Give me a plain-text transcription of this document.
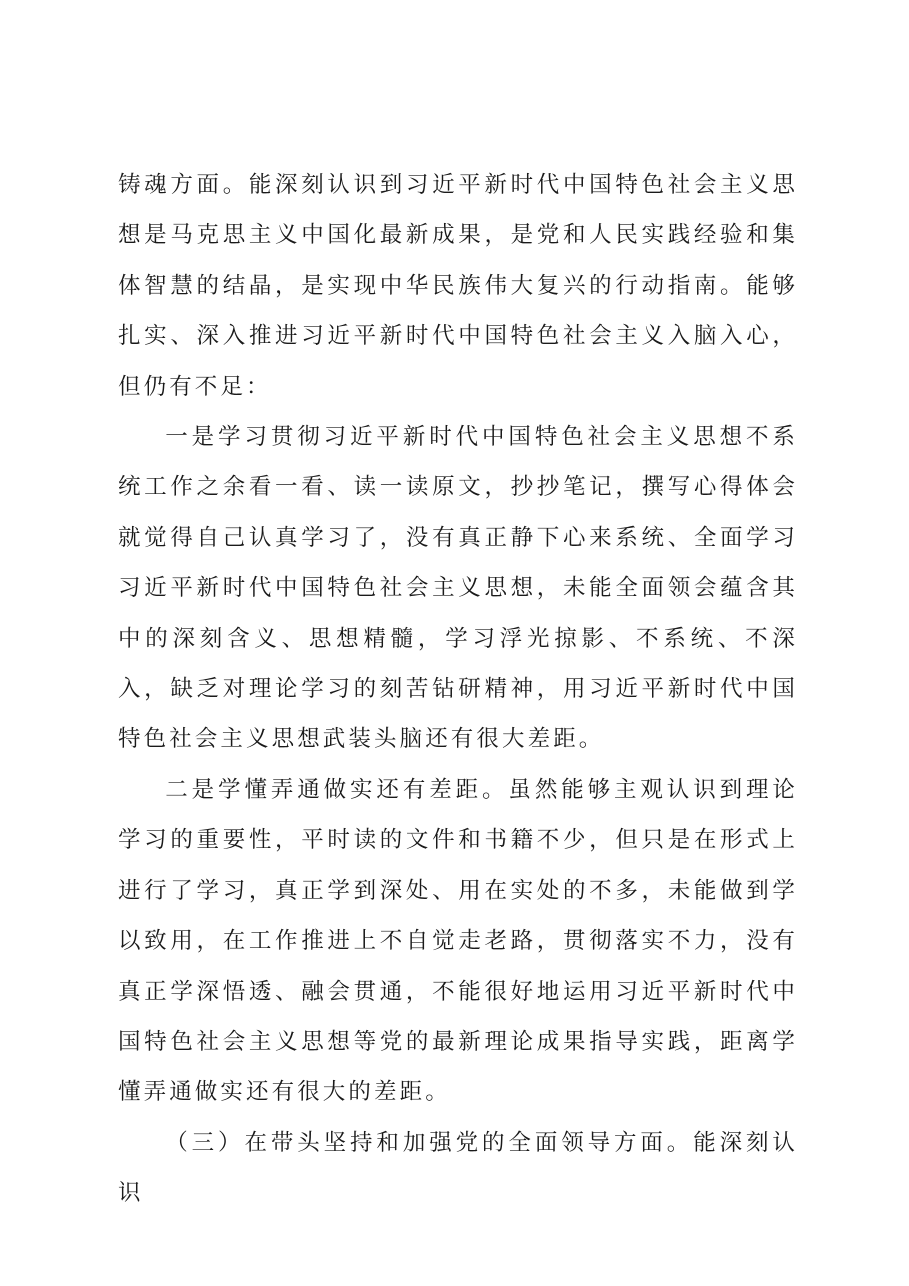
铸魂方面。能深刻认识到习近平新时代中国特色社会主义思想是马克思主义中国化最新成果，是党和人民实践经验和集体智慧的结晶，是实现中华民族伟大复兴的行动指南。能够扎实、深入推进习近平新时代中国特色社会主义入脑入心，但仍有不足：

一是学习贯彻习近平新时代中国特色社会主义思想不系统工作之余看一看、读一读原文，抄抄笔记，撰写心得体会就觉得自己认真学习了，没有真正静下心来系统、全面学习习近平新时代中国特色社会主义思想，未能全面领会蕴含其中的深刻含义、思想精髓，学习浮光掠影、不系统、不深入，缺乏对理论学习的刻苦钻研精神，用习近平新时代中国特色社会主义思想武装头脑还有很大差距。

二是学懂弄通做实还有差距。虽然能够主观认识到理论学习的重要性，平时读的文件和书籍不少，但只是在形式上进行了学习，真正学到深处、用在实处的不多，未能做到学以致用，在工作推进上不自觉走老路，贯彻落实不力，没有真正学深悟透、融会贯通，不能很好地运用习近平新时代中国特色社会主义思想等党的最新理论成果指导实践，距离学懂弄通做实还有很大的差距。

（三）在带头坚持和加强党的全面领导方面。能深刻认识
